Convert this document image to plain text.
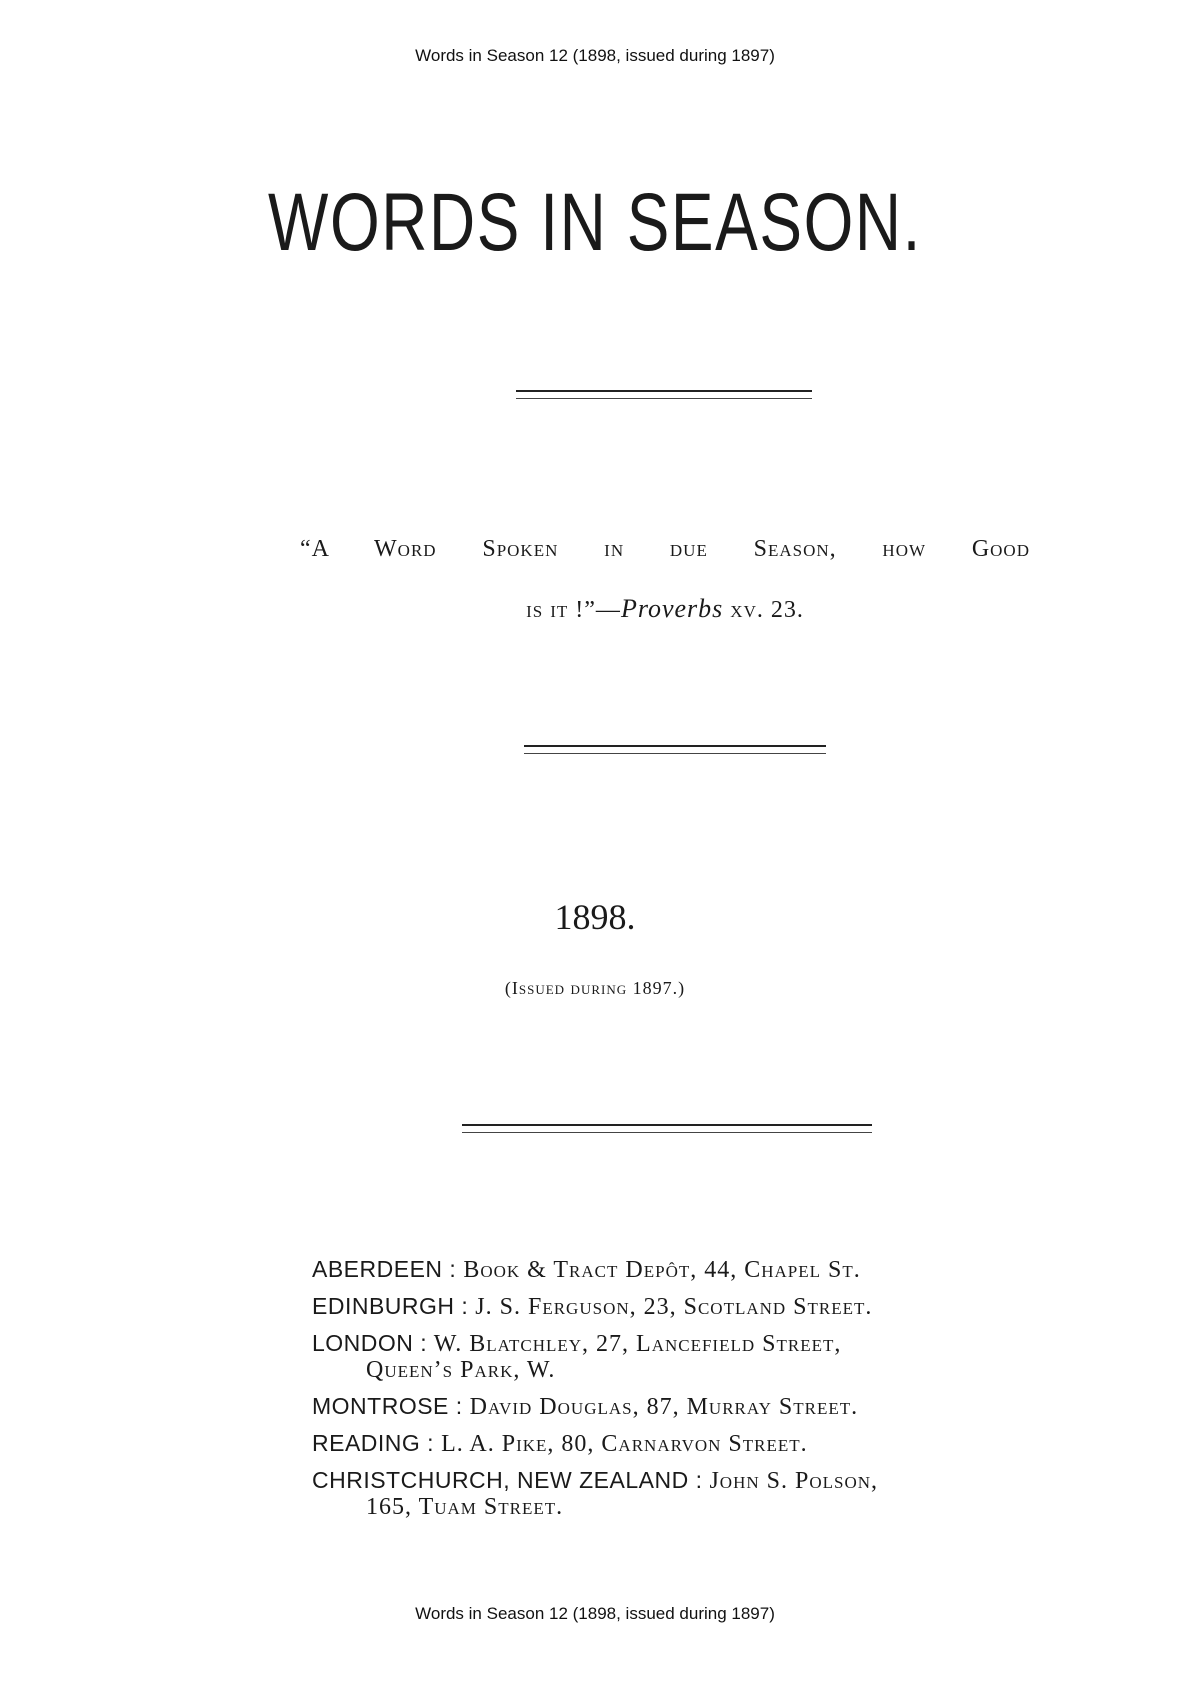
Words in Season 12 (1898, issued during 1897)
WORDS IN SEASON.
“A Word Spoken in due Season, how Good
is it !”—Proverbs xv. 23.
1898.
(Issued during 1897.)
ABERDEEN : Book & Tract Depôt, 44, Chapel St.
EDINBURGH : J. S. Ferguson, 23, Scotland Street.
LONDON : W. Blatchley, 27, Lancefield Street,
Queen’s Park, W.
MONTROSE : David Douglas, 87, Murray Street.
READING : L. A. Pike, 80, Carnarvon Street.
CHRISTCHURCH, NEW ZEALAND : John S. Polson,
165, Tuam Street.
Words in Season 12 (1898, issued during 1897)
